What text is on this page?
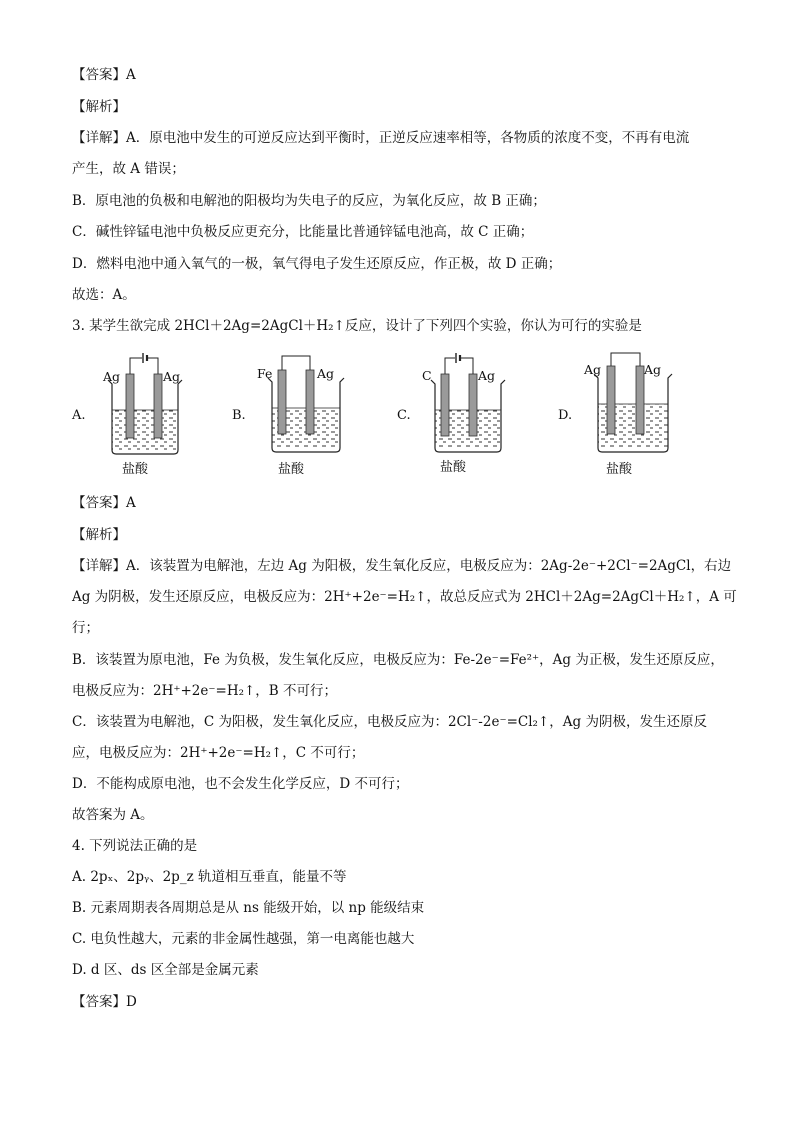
【答案】A
【解析】
【详解】A．原电池中发生的可逆反应达到平衡时，正逆反应速率相等，各物质的浓度不变，不再有电流
产生，故 A 错误；
B．原电池的负极和电解池的阳极均为失电子的反应，为氧化反应，故 B 正确；
C．碱性锌锰电池中负极反应更充分，比能量比普通锌锰电池高，故 C 正确；
D．燃料电池中通入氧气的一极，氧气得电子发生还原反应，作正极，故 D 正确；
故选：A。
3. 某学生欲完成 2HCl＋2Ag=2AgCl＋H₂↑反应，设计了下列四个实验，你认为可行的实验是
A.
Ag	Ag
盐酸
B.
Fe	Ag
盐酸
C.
C	Ag
盐酸
D.
Ag	Ag
盐酸
【答案】A
【解析】
【详解】A．该装置为电解池，左边 Ag 为阳极，发生氧化反应，电极反应为：2Ag-2e⁻+2Cl⁻=2AgCl，右边
Ag 为阴极，发生还原反应，电极反应为：2H⁺+2e⁻=H₂↑，故总反应式为 2HCl＋2Ag=2AgCl＋H₂↑，A 可
行；
B．该装置为原电池，Fe 为负极，发生氧化反应，电极反应为：Fe-2e⁻=Fe²⁺，Ag 为正极，发生还原反应，
电极反应为：2H⁺+2e⁻=H₂↑，B 不可行；
C．该装置为电解池，C 为阳极，发生氧化反应，电极反应为：2Cl⁻-2e⁻=Cl₂↑，Ag 为阴极，发生还原反
应，电极反应为：2H⁺+2e⁻=H₂↑，C 不可行；
D．不能构成原电池，也不会发生化学反应，D 不可行；
故答案为 A。
4. 下列说法正确的是
A. 2pₓ、2pᵧ、2p_z 轨道相互垂直，能量不等
B. 元素周期表各周期总是从 ns 能级开始，以 np 能级结束
C. 电负性越大，元素的非金属性越强，第一电离能也越大
D. d 区、ds 区全部是金属元素
【答案】D
